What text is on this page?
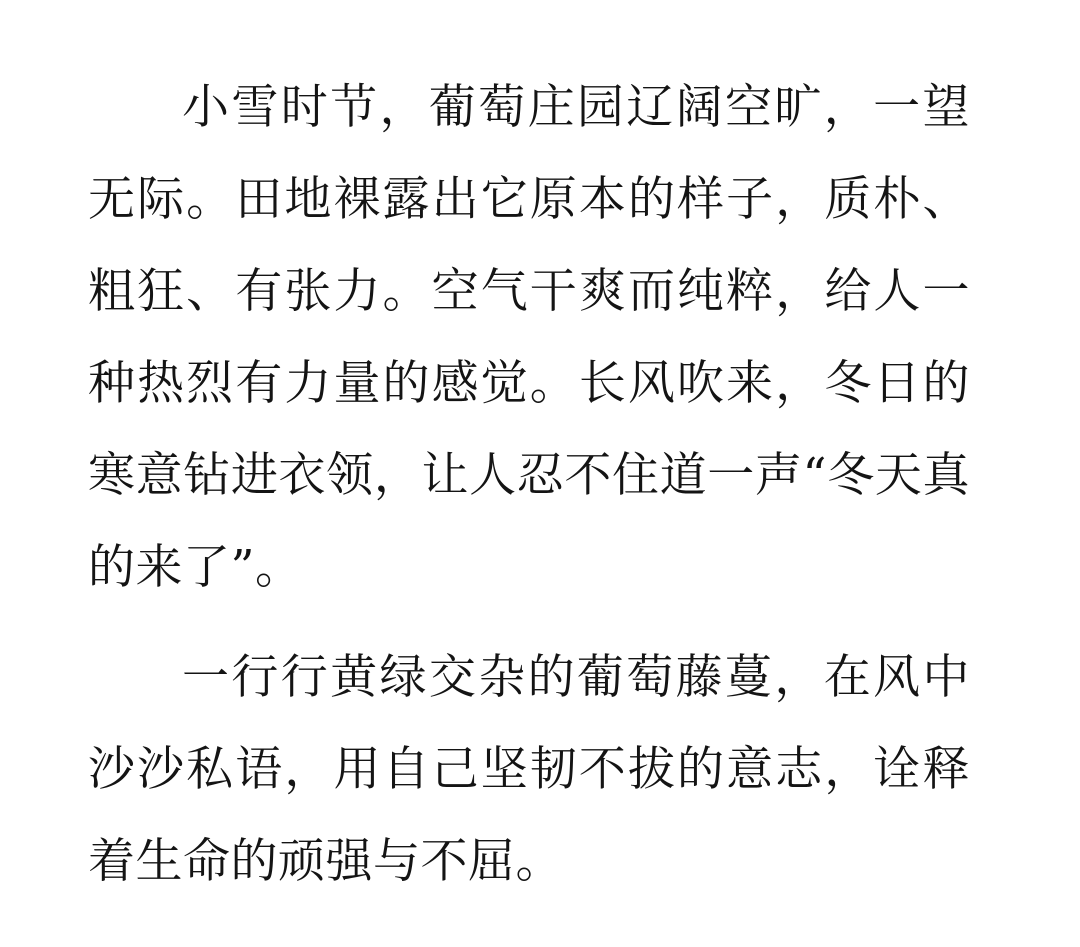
小雪时节，葡萄庄园辽阔空旷，一望无际。田地裸露出它原本的样子，质朴、粗狂、有张力。空气干爽而纯粹，给人一种热烈有力量的感觉。长风吹来，冬日的寒意钻进衣领，让人忍不住道一声“冬天真的来了”。

一行行黄绿交杂的葡萄藤蔓，在风中沙沙私语，用自己坚韧不拔的意志，诠释着生命的顽强与不屈。
